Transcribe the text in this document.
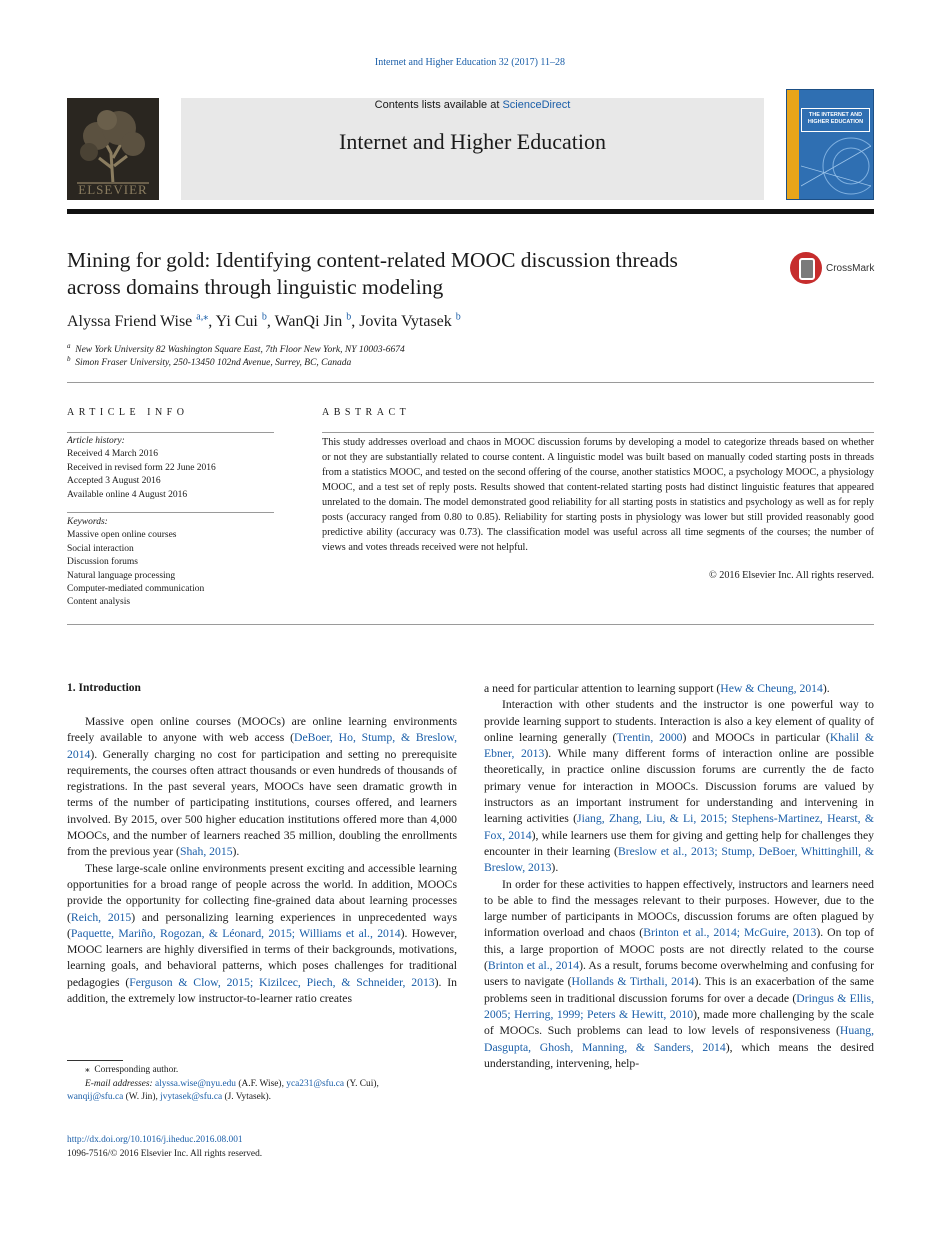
Internet and Higher Education 32 (2017) 11–28
ELSEVIER
Contents lists available at ScienceDirect
Internet and Higher Education
THE INTERNET AND HIGHER EDUCATION
Mining for gold: Identifying content-related MOOC discussion threads
across domains through linguistic modeling
CrossMark
Alyssa Friend Wise $^{a,⁎}$, Yi Cui $^b$, WanQi Jin $^b$, Jovita Vytasek $^b$
$^a$ New York University 82 Washington Square East, 7th Floor New York, NY 10003-6674
$^b$ Simon Fraser University, 250-13450 102nd Avenue, Surrey, BC, Canada
ARTICLE INFO	ABSTRACT
Article history:
Received 4 March 2016
Received in revised form 22 June 2016
Accepted 3 August 2016
Available online 4 August 2016
Keywords:
Massive open online courses
Social interaction
Discussion forums
Natural language processing
Computer-mediated communication
Content analysis
This study addresses overload and chaos in MOOC discussion forums by developing a model to categorize threads based on whether or not they are substantially related to course content. A linguistic model was built based on manually coded starting posts in threads from a statistics MOOC, and tested on the second offering of the course, another statistics MOOC, a psychology MOOC, a physiology MOOC, and a test set of reply posts. Results showed that content-related starting posts had distinct linguistic features that appeared unrelated to the domain. The model demonstrated good reliability for all starting posts in statistics and psychology as well as for reply posts (accuracy ranged from 0.80 to 0.85). Reliability for starting posts in physiology was lower but still provided reasonably good predictive ability (accuracy was 0.73). The classification model was useful across all time segments of the courses; the number of views and votes threads received were not helpful.
© 2016 Elsevier Inc. All rights reserved.
1. Introduction

Massive open online courses (MOOCs) are online learning environments freely available to anyone with web access (DeBoer, Ho, Stump, & Breslow, 2014). Generally charging no cost for participation and setting no prerequisite requirements, the courses often attract thousands or even hundreds of thousands of registrations. In the past several years, MOOCs have seen dramatic growth in terms of the number of participating institutions, courses offered, and learners involved. By 2015, over 500 higher education institutions offered more than 4,000 MOOCs, and the number of learners reached 35 million, doubling the enrollments from the previous year (Shah, 2015).

These large-scale online environments present exciting and accessible learning opportunities for a broad range of people across the world. In addition, MOOCs provide the opportunity for collecting fine-grained data about learning processes (Reich, 2015) and personalizing learning experiences in unprecedented ways (Paquette, Mariño, Rogozan, & Léonard, 2015; Williams et al., 2014). However, MOOC learners are highly diversified in terms of their backgrounds, motivations, learning goals, and behavioral patterns, which poses challenges for traditional pedagogies (Ferguson & Clow, 2015; Kizilcec, Piech, & Schneider, 2013). In addition, the extremely low instructor-to-learner ratio creates

a need for particular attention to learning support (Hew & Cheung, 2014).

Interaction with other students and the instructor is one powerful way to provide learning support to students. Interaction is also a key element of quality of online learning generally (Trentin, 2000) and MOOCs in particular (Khalil & Ebner, 2013). While many different forms of interaction online are possible theoretically, in practice online discussion forums are currently the de facto primary venue for interaction in MOOCs. Discussion forums are valued by instructors as an important instrument for understanding and intervening in learning activities (Jiang, Zhang, Liu, & Li, 2015; Stephens-Martinez, Hearst, & Fox, 2014), while learners use them for giving and getting help for challenges they encounter in their learning (Breslow et al., 2013; Stump, DeBoer, Whittinghill, & Breslow, 2013).

In order for these activities to happen effectively, instructors and learners need to be able to find the messages relevant to their purposes. However, due to the large number of participants in MOOCs, discussion forums are often plagued by information overload and chaos (Brinton et al., 2014; McGuire, 2013). On top of this, a large proportion of MOOC posts are not directly related to the course (Brinton et al., 2014). As a result, forums become overwhelming and confusing for users to navigate (Hollands & Tirthali, 2014). This is an exacerbation of the same problems seen in traditional discussion forums for over a decade (Dringus & Ellis, 2005; Herring, 1999; Peters & Hewitt, 2010), made more challenging by the scale of MOOCs. Such problems can lead to low levels of responsiveness (Huang, Dasgupta, Ghosh, Manning, & Sanders, 2014), which means the desired understanding, intervening, help-

⁎ Corresponding author.
E-mail addresses: alyssa.wise@nyu.edu (A.F. Wise), yca231@sfu.ca (Y. Cui),
wanqij@sfu.ca (W. Jin), jvytasek@sfu.ca (J. Vytasek).
http://dx.doi.org/10.1016/j.iheduc.2016.08.001
1096-7516/© 2016 Elsevier Inc. All rights reserved.
